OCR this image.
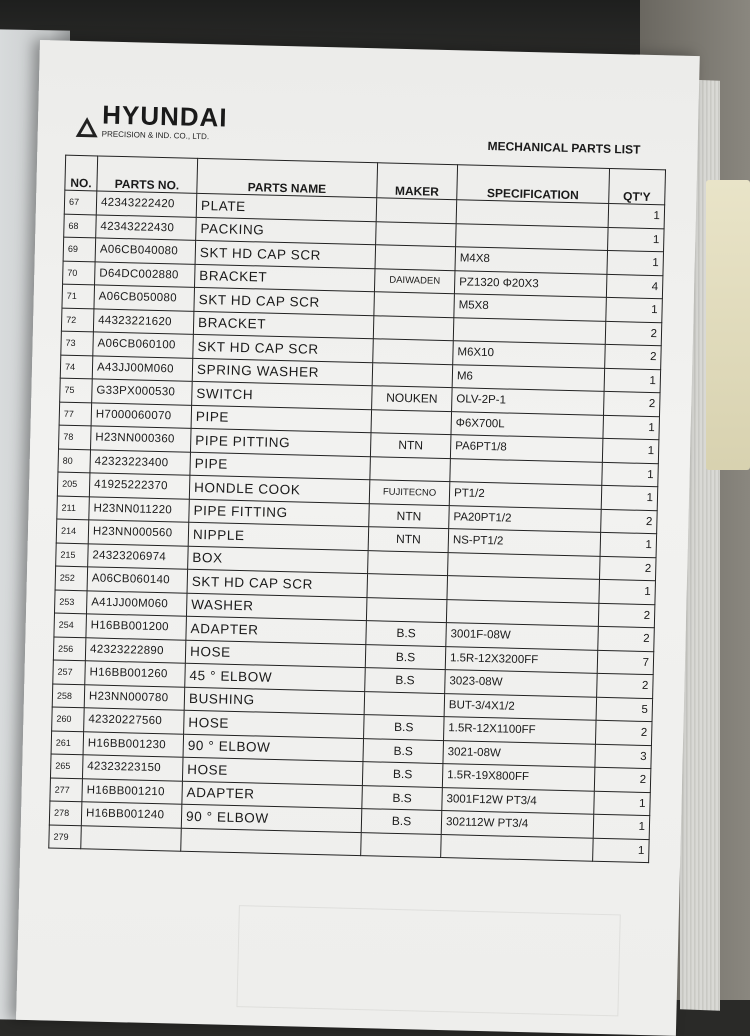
HYUNDAI
PRECISION & IND. CO., LTD.
MECHANICAL PARTS LIST
NO.	PARTS NO.	PARTS NAME	MAKER	SPECIFICATION	QT'Y
67	42343222420	PLATE			1
68	42343222430	PACKING			1
69	A06CB040080	SKT HD CAP SCR		M4X8	1
70	D64DC002880	BRACKET	DAIWADEN	PZ1320 Φ20X3	4
71	A06CB050080	SKT HD CAP SCR		M5X8	1
72	44323221620	BRACKET			2
73	A06CB060100	SKT HD CAP SCR		M6X10	2
74	A43JJ00M060	SPRING WASHER		M6	1
75	G33PX000530	SWITCH	NOUKEN	OLV-2P-1	2
77	H7000060070	PIPE		Φ6X700L	1
78	H23NN000360	PIPE PITTING	NTN	PA6PT1/8	1
80	42323223400	PIPE			1
205	41925222370	HONDLE COOK	FUJITECNO	PT1/2	1
211	H23NN011220	PIPE FITTING	NTN	PA20PT1/2	2
214	H23NN000560	NIPPLE	NTN	NS-PT1/2	1
215	24323206974	BOX			2
252	A06CB060140	SKT HD CAP SCR			1
253	A41JJ00M060	WASHER			2
254	H16BB001200	ADAPTER	B.S	3001F-08W	2
256	42323222890	HOSE	B.S	1.5R-12X3200FF	7
257	H16BB001260	45 ° ELBOW	B.S	3023-08W	2
258	H23NN000780	BUSHING		BUT-3/4X1/2	5
260	42320227560	HOSE	B.S	1.5R-12X1100FF	2
261	H16BB001230	90 ° ELBOW	B.S	3021-08W	3
265	42323223150	HOSE	B.S	1.5R-19X800FF	2
277	H16BB001210	ADAPTER	B.S	3001F12W PT3/4	1
278	H16BB001240	90 ° ELBOW	B.S	302112W PT3/4	1
279					1
